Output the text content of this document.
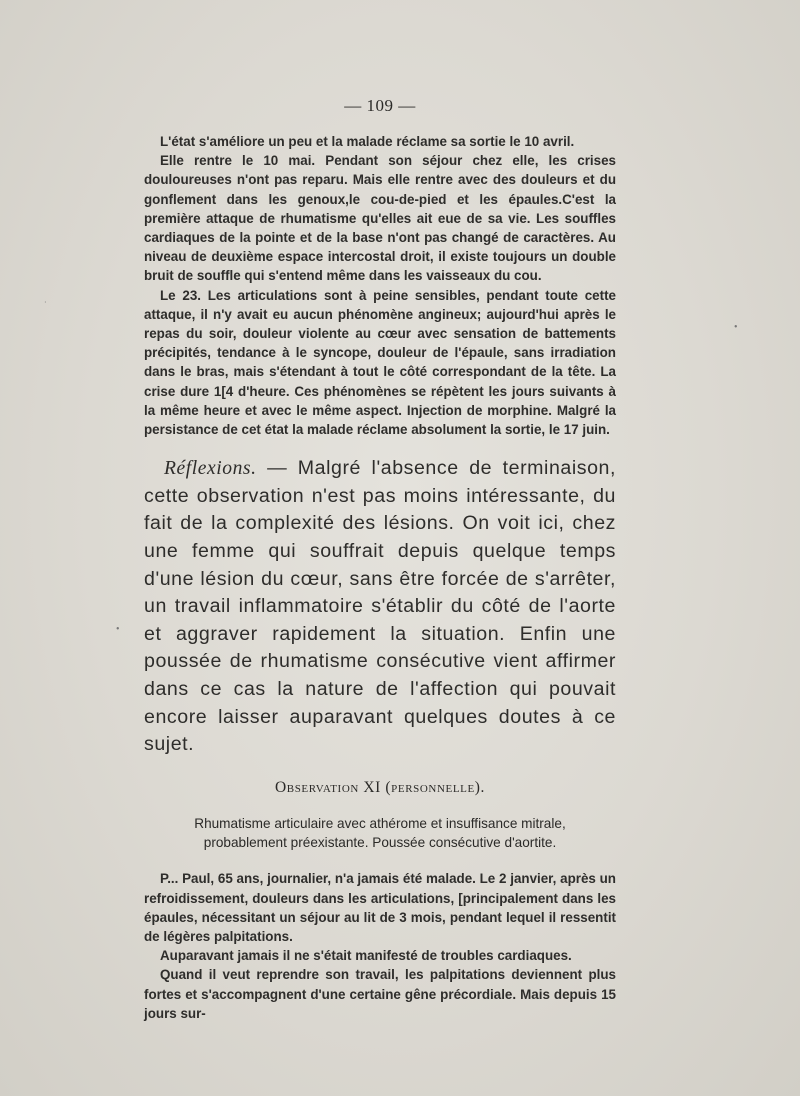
— 109 —

L'état s'améliore un peu et la malade réclame sa sortie le 10 avril.

Elle rentre le 10 mai. Pendant son séjour chez elle, les crises douloureuses n'ont pas reparu. Mais elle rentre avec des douleurs et du gonflement dans les genoux,le cou-de-pied et les épaules.C'est la première attaque de rhumatisme qu'elles ait eue de sa vie. Les souffles cardiaques de la pointe et de la base n'ont pas changé de caractères. Au niveau de deuxième espace intercostal droit, il existe toujours un double bruit de souffle qui s'entend même dans les vaisseaux du cou.

Le 23. Les articulations sont à peine sensibles, pendant toute cette attaque, il n'y avait eu aucun phénomène angineux; aujourd'hui après le repas du soir, douleur violente au cœur avec sensation de battements précipités, tendance à le syncope, douleur de l'épaule, sans irradiation dans le bras, mais s'étendant à tout le côté correspondant de la tête. La crise dure 1[4 d'heure. Ces phénomènes se répètent les jours suivants à la même heure et avec le même aspect. Injection de morphine. Malgré la persistance de cet état la malade réclame absolument la sortie, le 17 juin.

Réflexions. — Malgré l'absence de terminaison, cette observation n'est pas moins intéressante, du fait de la complexité des lésions. On voit ici, chez une femme qui souffrait depuis quelque temps d'une lésion du cœur, sans être forcée de s'arrêter, un travail inflammatoire s'établir du côté de l'aorte et aggraver rapidement la situation. Enfin une poussée de rhumatisme consécutive vient affirmer dans ce cas la nature de l'affection qui pouvait encore laisser auparavant quelques doutes à ce sujet.

Observation XI (personnelle).

Rhumatisme articulaire avec athérome et insuffisance mitrale, probablement préexistante. Poussée consécutive d'aortite.

P... Paul, 65 ans, journalier, n'a jamais été malade. Le 2 janvier, après un refroidissement, douleurs dans les articulations, [principalement dans les épaules, nécessitant un séjour au lit de 3 mois, pendant lequel il ressentit de légères palpitations.

Auparavant jamais il ne s'était manifesté de troubles cardiaques.

Quand il veut reprendre son travail, les palpitations deviennent plus fortes et s'accompagnent d'une certaine gêne précordiale. Mais depuis 15 jours sur-

•
•
·
